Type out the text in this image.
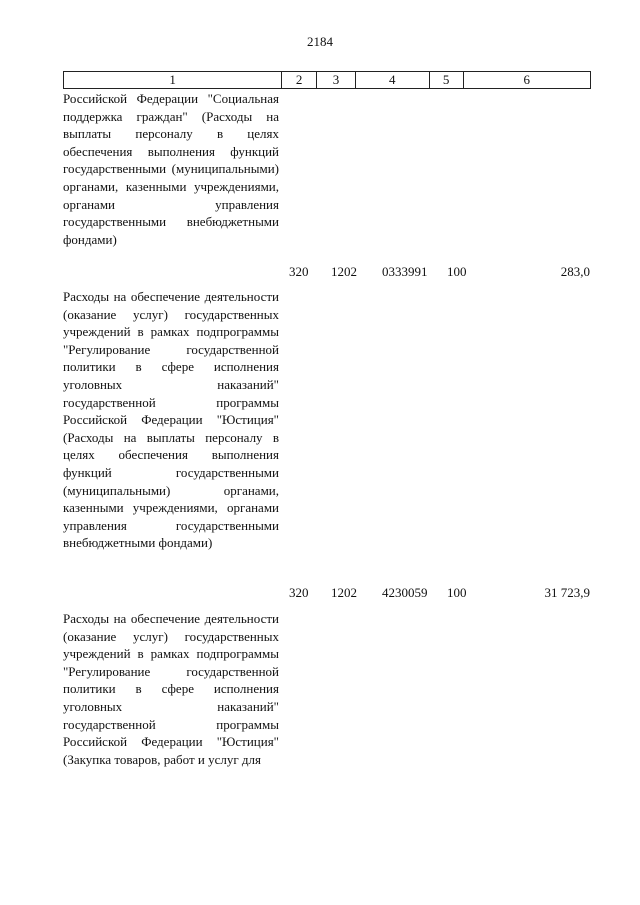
2184
1	2	3	4	5	6
Российской Федерации "Социальная поддержка граждан" (Расходы на выплаты персоналу в целях обеспечения выполнения функций государственными (муниципальными) органами, казенными учреждениями, органами управления государственными внебюджетными фондами)
320 1202 0333991 100	283,0
Расходы на обеспечение деятельности (оказание услуг) государственных учреждений в рамках подпрограммы "Регулирование государственной политики в сфере исполнения уголовных наказаний" государственной программы Российской Федерации "Юстиция" (Расходы на выплаты персоналу в целях обеспечения выполнения функций государственными (муниципальными) органами, казенными учреждениями, органами управления государственными внебюджетными фондами)
320 1202 4230059 100	31 723,9
Расходы на обеспечение деятельности (оказание услуг) государственных учреждений в рамках подпрограммы "Регулирование государственной политики в сфере исполнения уголовных наказаний" государственной программы Российской Федерации "Юстиция" (Закупка товаров, работ и услуг для
